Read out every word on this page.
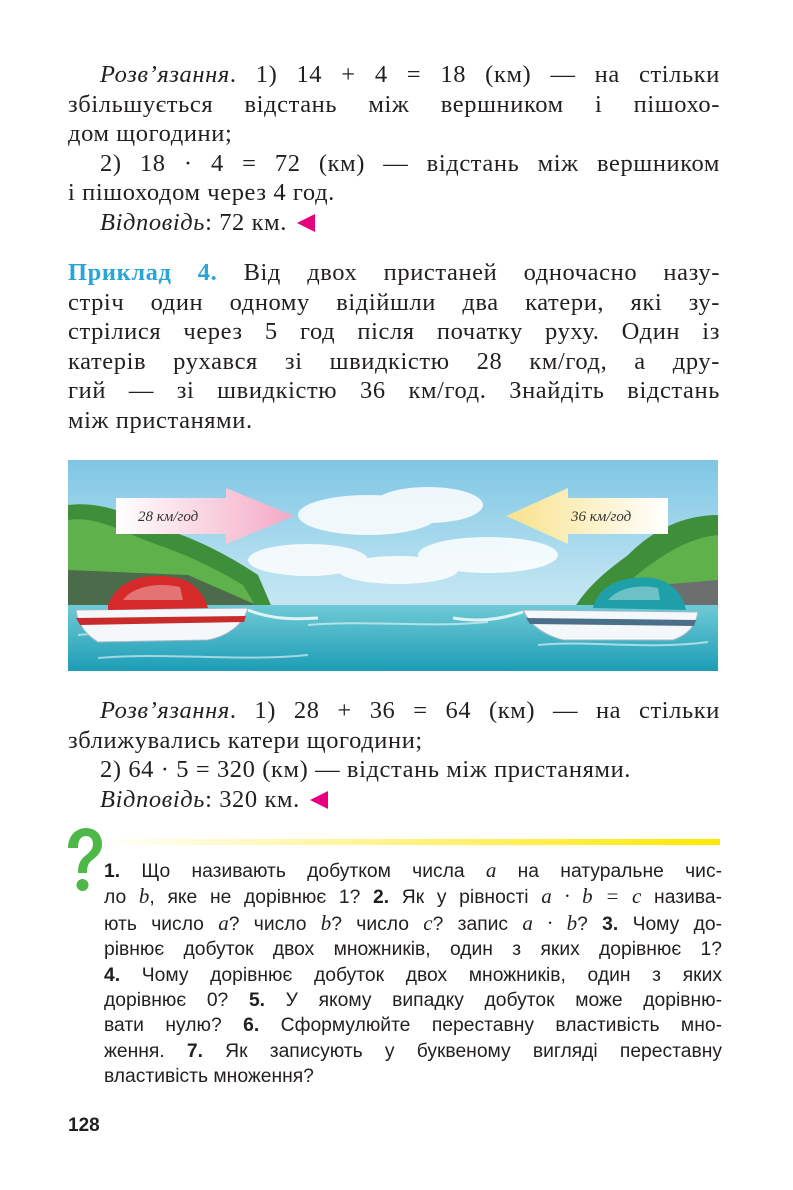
Розв’язання. 1) 14 + 4 = 18 (км) — на стільки
збільшується відстань між вершником і пішохо-
дом щогодини;
2) 18 · 4 = 72 (км) — відстань між вершником
і пішоходом через 4 год.
Відповідь: 72 км.
Приклад 4. Від двох пристаней одночасно назу-
стріч один одному відійшли два катери, які зу-
стрілися через 5 год після початку руху. Один із
катерів рухався зі швидкістю 28 км/год, а дру-
гий — зі швидкістю 36 км/год. Знайдіть відстань
між пристанями.
28 км/год	36 км/год
Розв’язання. 1) 28 + 36 = 64 (км) — на стільки
зближувались катери щогодини;
2) 64 · 5 = 320 (км) — відстань між пристанями.
Відповідь: 320 км.
1. Що називають добутком числа a на натуральне чис-
ло b, яке не дорівнює 1? 2. Як у рівності a · b = c назива-
ють число a? число b? число c? запис a · b? 3. Чому до-
рівнює добуток двох множників, один з яких дорівнює 1?
4. Чому дорівнює добуток двох множників, один з яких
дорівнює 0? 5. У якому випадку добуток може дорівню-
вати нулю? 6. Сформулюйте переставну властивість мно-
ження. 7. Як записують у буквеному вигляді переставну
властивість множення?
128
